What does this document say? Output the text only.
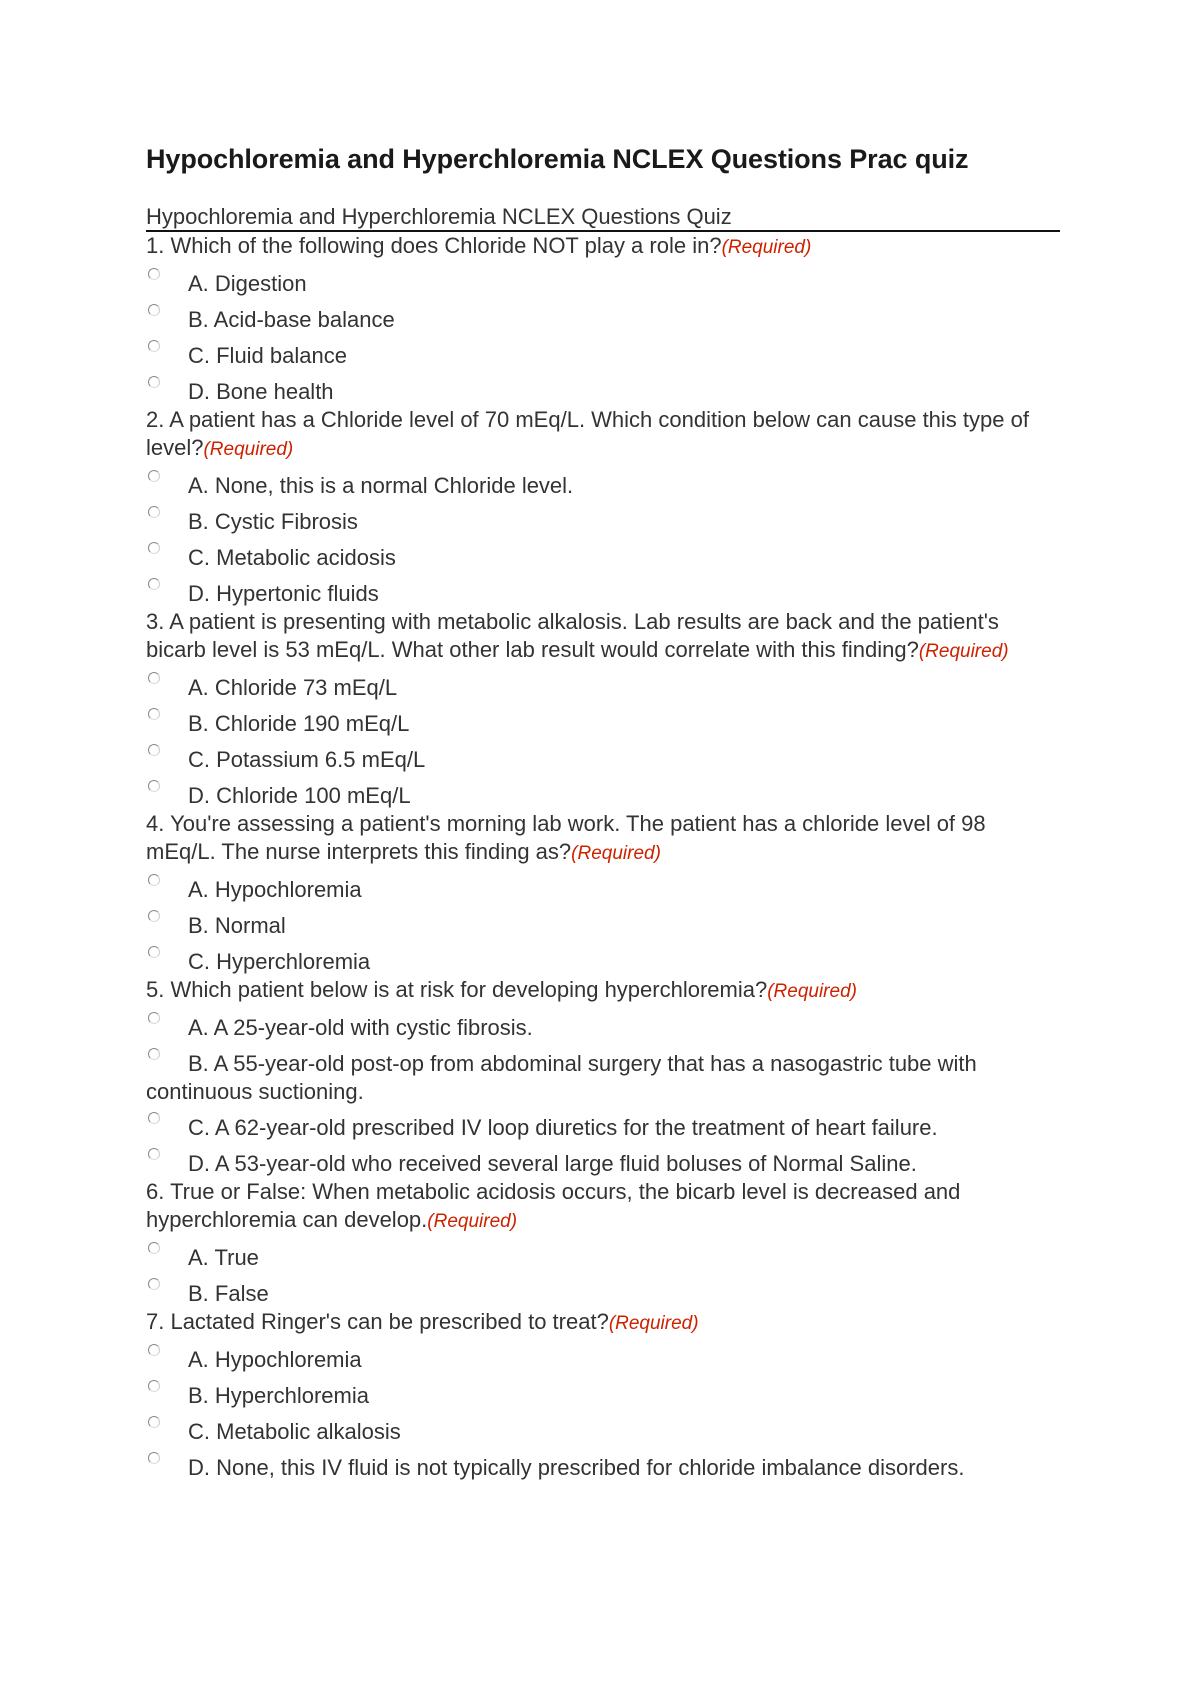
Hypochloremia and Hyperchloremia NCLEX Questions Prac quiz
Hypochloremia and Hyperchloremia NCLEX Questions Quiz
1. Which of the following does Chloride NOT play a role in?(Required)
A. Digestion
B. Acid-base balance
C. Fluid balance
D. Bone health
2. A patient has a Chloride level of 70 mEq/L. Which condition below can cause this type of level?(Required)
A. None, this is a normal Chloride level.
B. Cystic Fibrosis
C. Metabolic acidosis
D. Hypertonic fluids
3. A patient is presenting with metabolic alkalosis. Lab results are back and the patient's bicarb level is 53 mEq/L. What other lab result would correlate with this finding?(Required)
A. Chloride 73 mEq/L
B. Chloride 190 mEq/L
C. Potassium 6.5 mEq/L
D. Chloride 100 mEq/L
4. You're assessing a patient's morning lab work. The patient has a chloride level of 98 mEq/L. The nurse interprets this finding as?(Required)
A. Hypochloremia
B. Normal
C. Hyperchloremia
5. Which patient below is at risk for developing hyperchloremia?(Required)
A. A 25-year-old with cystic fibrosis.
B. A 55-year-old post-op from abdominal surgery that has a nasogastric tube with continuous suctioning.
C. A 62-year-old prescribed IV loop diuretics for the treatment of heart failure.
D. A 53-year-old who received several large fluid boluses of Normal Saline.
6. True or False: When metabolic acidosis occurs, the bicarb level is decreased and hyperchloremia can develop.(Required)
A. True
B. False
7. Lactated Ringer's can be prescribed to treat?(Required)
A. Hypochloremia
B. Hyperchloremia
C. Metabolic alkalosis
D. None, this IV fluid is not typically prescribed for chloride imbalance disorders.
